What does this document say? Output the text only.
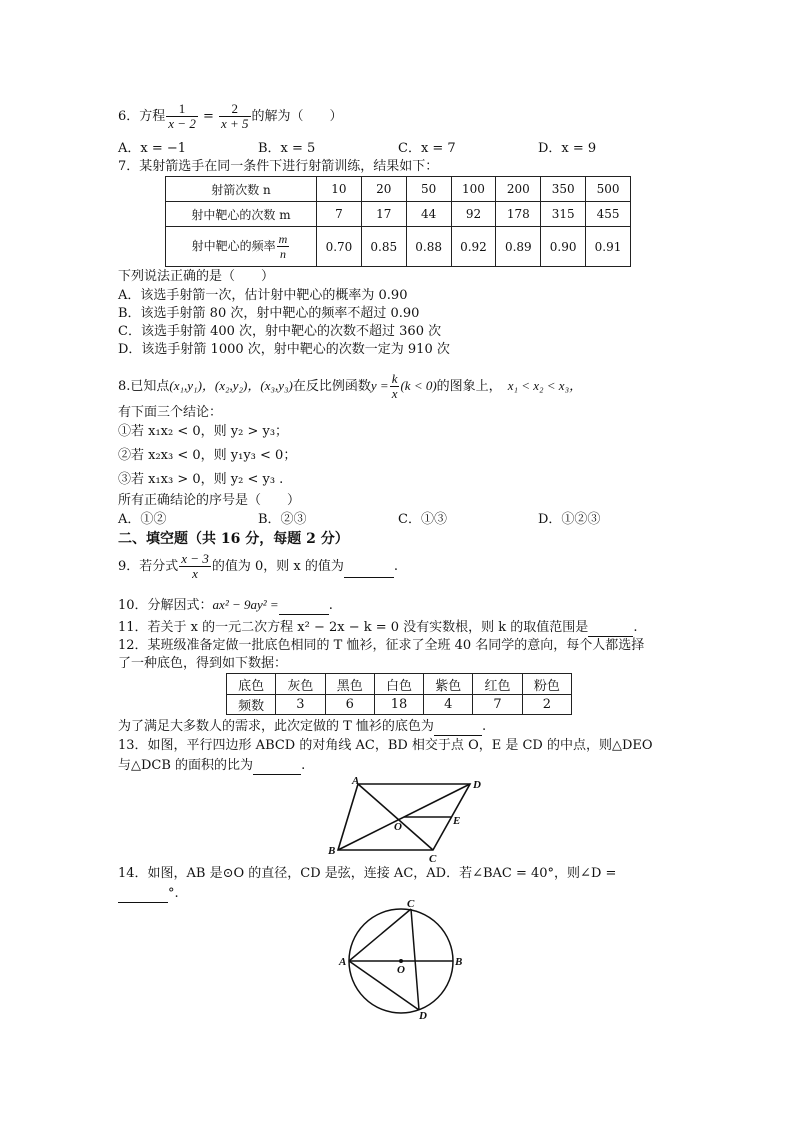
6．方程 $\frac{1}{x - 2} = \frac{2}{x + 5}$ 的解为（　　）
A．x = −1	B．x = 5	C．x = 7	D．x = 9
7．某射箭选手在同一条件下进行射箭训练，结果如下：
射箭次数 n	10	20	50	100	200	350	500
射中靶心的次数 m	7	17	44	92	178	315	455
射中靶心的频率 $\frac{m}{n}$	0.70	0.85	0.88	0.92	0.89	0.90	0.91
下列说法正确的是（　　）
A．该选手射箭一次，估计射中靶心的概率为 0.90
B．该选手射箭 80 次，射中靶心的频率不超过 0.90
C．该选手射箭 400 次，射中靶心的次数不超过 360 次
D．该选手射箭 1000 次，射中靶心的次数一定为 910 次
8.已知点(x₁,y₁)，(x₂,y₂)，(x₃,y₃)在反比例函数$y = \frac{k}{x} (k < 0)$的图象上， x₁ < x₂ < x₃，
有下面三个结论：
①若 x₁x₂ < 0，则 y₂ > y₃；
②若 x₂x₃ < 0，则 y₁y₃ < 0；
③若 x₁x₃ > 0，则 y₂ < y₃ .
所有正确结论的序号是（　　）
A．①②	B．②③	C．①③	D．①②③
二、填空题（共 16 分，每题 2 分）
9．若分式 $\frac{x - 3}{x}$ 的值为 0，则 x 的值为	.
10．分解因式：ax² − 9ay² =	.
11．若关于 x 的一元二次方程 x² − 2x − k = 0 没有实数根，则 k 的取值范围是	.
12．某班级准备定做一批底色相同的 T 恤衫，征求了全班 40 名同学的意向，每个人都选择
了一种底色，得到如下数据：
底色	灰色	黑色	白色	紫色	红色	粉色
频数	3	6	18	4	7	2
为了满足大多数人的需求，此次定做的 T 恤衫的底色为	.
13．如图，平行四边形 ABCD 的对角线 AC，BD 相交于点 O，E 是 CD 的中点，则△DEO
与△DCB 的面积的比为	.
A	D
O	E
B
C
14．如图，AB 是⊙O 的直径，CD 是弦，连接 AC，AD．若∠BAC = 40°，则∠D =
°.
A	B
C
D
O
